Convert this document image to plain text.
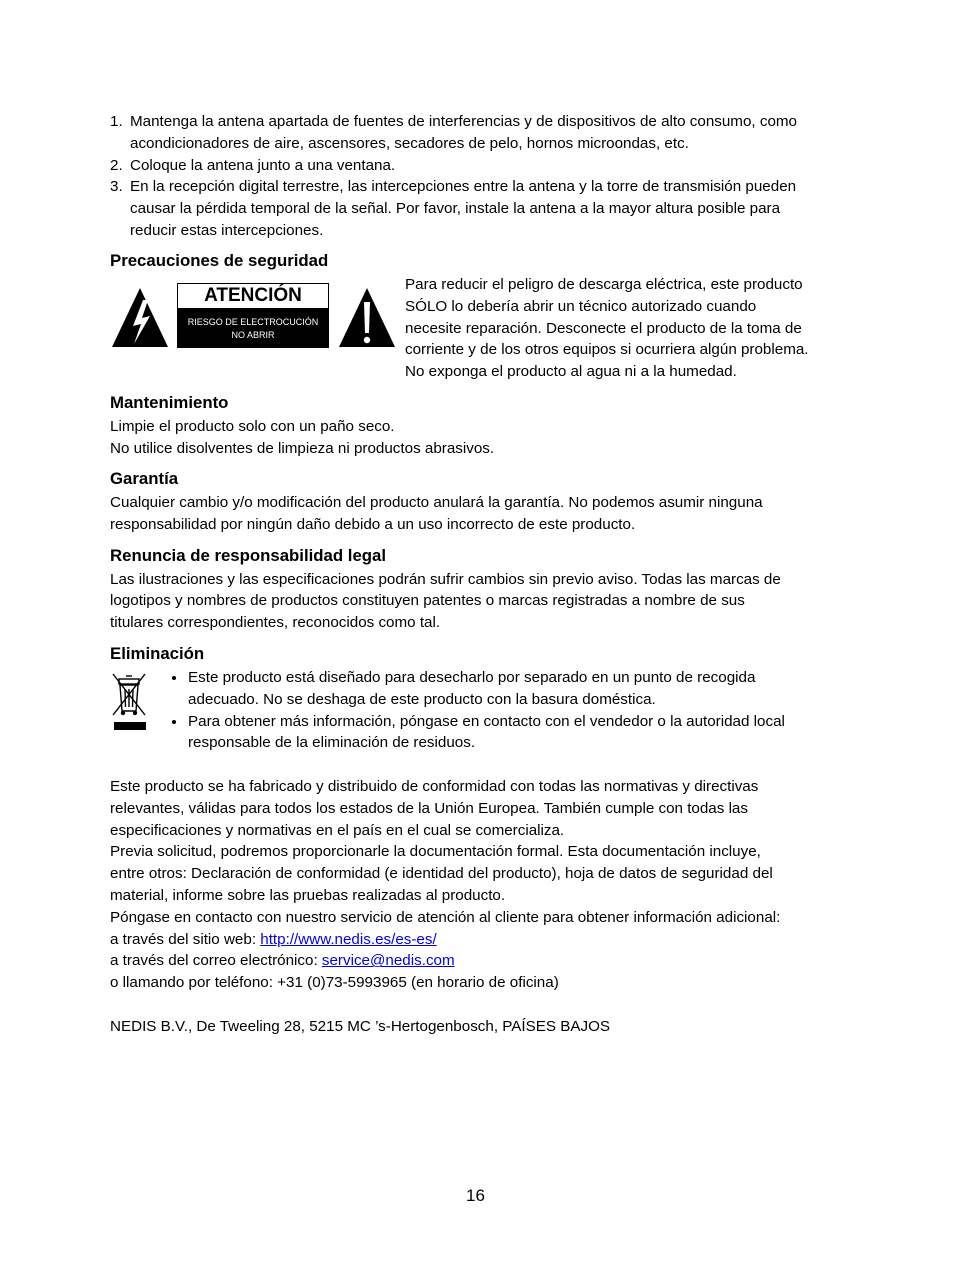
1. Mantenga la antena apartada de fuentes de interferencias y de dispositivos de alto consumo, como
acondicionadores de aire, ascensores, secadores de pelo, hornos microondas, etc.
2. Coloque la antena junto a una ventana.
3. En la recepción digital terrestre, las intercepciones entre la antena y la torre de transmisión pueden
causar la pérdida temporal de la señal. Por favor, instale la antena a la mayor altura posible para
reducir estas intercepciones.
Precauciones de seguridad
ATENCIÓN
RIESGO DE ELECTROCUCIÓN
NO ABRIR
Para reducir el peligro de descarga eléctrica, este producto
SÓLO lo debería abrir un técnico autorizado cuando
necesite reparación. Desconecte el producto de la toma de
corriente y de los otros equipos si ocurriera algún problema.
No exponga el producto al agua ni a la humedad.
Mantenimiento
Limpie el producto solo con un paño seco.
No utilice disolventes de limpieza ni productos abrasivos.
Garantía
Cualquier cambio y/o modificación del producto anulará la garantía. No podemos asumir ninguna
responsabilidad por ningún daño debido a un uso incorrecto de este producto.
Renuncia de responsabilidad legal
Las ilustraciones y las especificaciones podrán sufrir cambios sin previo aviso. Todas las marcas de
logotipos y nombres de productos constituyen patentes o marcas registradas a nombre de sus
titulares correspondientes, reconocidos como tal.
Eliminación
Este producto está diseñado para desecharlo por separado en un punto de recogida
adecuado. No se deshaga de este producto con la basura doméstica.
Para obtener más información, póngase en contacto con el vendedor o la autoridad local
responsable de la eliminación de residuos.
Este producto se ha fabricado y distribuido de conformidad con todas las normativas y directivas
relevantes, válidas para todos los estados de la Unión Europea. También cumple con todas las
especificaciones y normativas en el país en el cual se comercializa.
Previa solicitud, podremos proporcionarle la documentación formal. Esta documentación incluye,
entre otros: Declaración de conformidad (e identidad del producto), hoja de datos de seguridad del
material, informe sobre las pruebas realizadas al producto.
Póngase en contacto con nuestro servicio de atención al cliente para obtener información adicional:
a través del sitio web: http://www.nedis.es/es-es/
a través del correo electrónico: service@nedis.com
o llamando por teléfono: +31 (0)73-5993965 (en horario de oficina)
NEDIS B.V., De Tweeling 28, 5215 MC ’s-Hertogenbosch, PAÍSES BAJOS
16
